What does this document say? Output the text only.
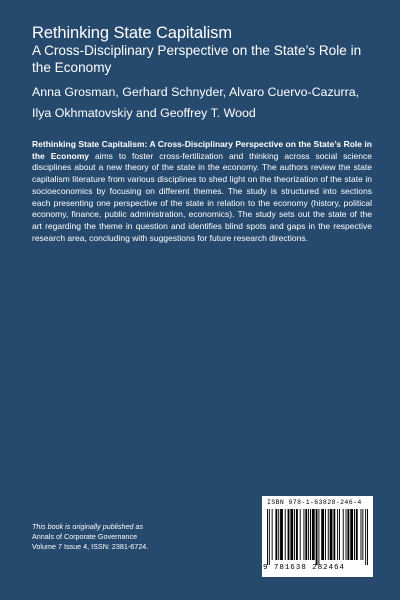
Rethinking State Capitalism
A Cross-Disciplinary Perspective on the State’s Role in the Economy
Anna Grosman, Gerhard Schnyder, Alvaro Cuervo-Cazurra,
Ilya Okhmatovskiy and Geoffrey T. Wood
Rethinking State Capitalism: A Cross-Disciplinary Perspective on the State’s Role in the Economy aims to foster cross-fertilization and thinking across social science disciplines about a new theory of the state in the economy. The authors review the state capitalism literature from various disciplines to shed light on the theorization of the state in socioeconomics by focusing on different themes. The study is structured into sections each presenting one perspective of the state in relation to the economy (history, political economy, finance, public administration, economics). The study sets out the state of the art regarding the theme in question and identifies blind spots and gaps in the respective research area, concluding with suggestions for future research directions.
This book is originally published as
Annals of Corporate Governance
Volume 7 Issue 4, ISSN: 2381-6724.
ISBN 978-1-63828-246-4
9 781638 282464
